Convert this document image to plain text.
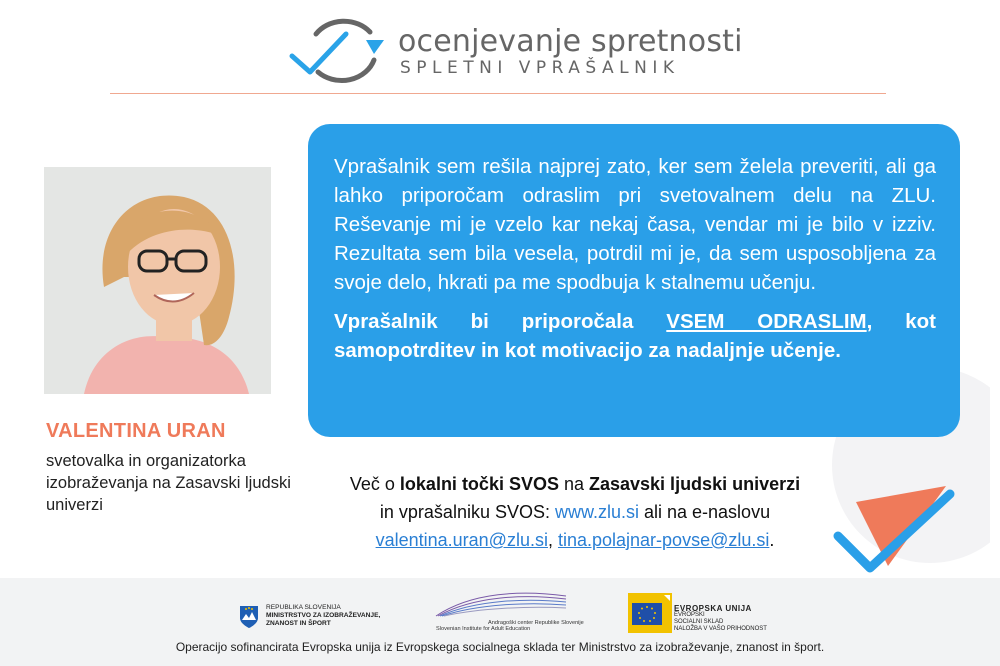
ocenjevanje spretnosti
SPLETNI VPRAŠALNIK
VALENTINA URAN
svetovalka in organizatorka izobraževanja na Zasavski ljudski univerzi

Vprašalnik sem rešila najprej zato, ker sem želela preveriti, ali ga lahko priporočam odraslim pri svetovalnem delu na ZLU. Reševanje mi je vzelo kar nekaj časa, vendar mi je bilo v izziv. Rezultata sem bila vesela, potrdil mi je, da sem usposobljena za svoje delo, hkrati pa me spodbuja k stalnemu učenju.

Vprašalnik bi priporočala VSEM ODRASLIM, kot samopotrditev in kot motivacijo za nadaljnje učenje.

Več o lokalni točki SVOS na Zasavski ljudski univerzi
in vprašalniku SVOS: www.zlu.si ali na e-naslovu
valentina.uran@zlu.si, tina.polajnar-povse@zlu.si.
REPUBLIKA SLOVENIJA
MINISTRSTVO ZA IZOBRAŽEVANJE,
ZNANOST IN ŠPORT	Andragoški center Republike Slovenije
Slovenian Institute for Adult Education
EVROPSKA UNIJA
EVROPSKI
SOCIALNI SKLAD
NALOŽBA V VAŠO PRIHODNOST
Operacijo sofinancirata Evropska unija iz Evropskega socialnega sklada ter Ministrstvo za izobraževanje, znanost in šport.
